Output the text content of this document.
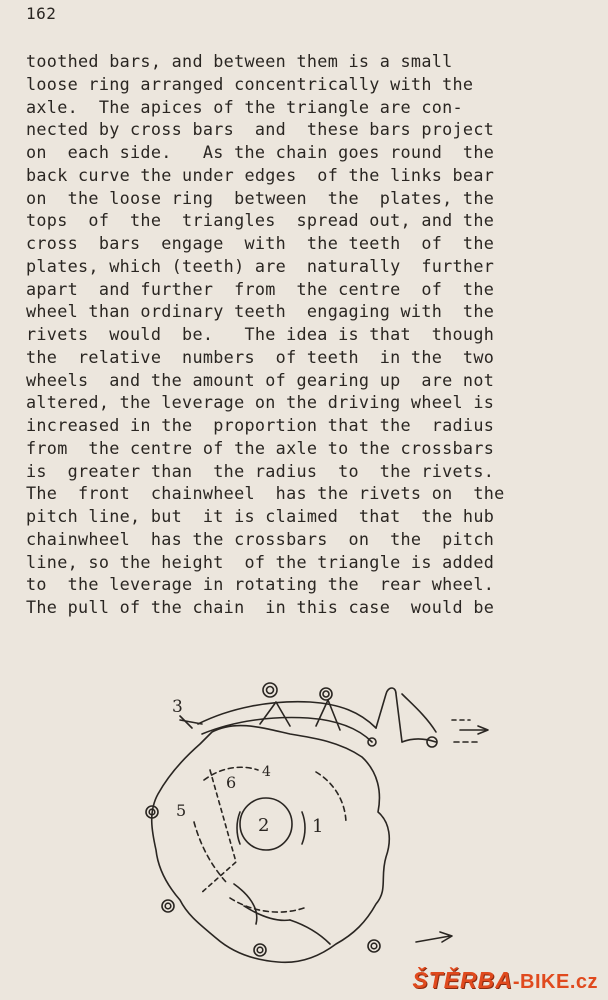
162
toothed bars, and between them is a small
loose ring arranged concentrically with the
axle.  The apices of the triangle are con-
nected by cross bars  and  these bars project
on  each side.   As the chain goes round  the
back curve the under edges  of the links bear
on  the loose ring  between  the  plates, the
tops  of  the  triangles  spread out, and the
cross  bars  engage  with  the teeth  of  the
plates, which (teeth) are  naturally  further
apart  and further  from  the centre  of  the
wheel than ordinary teeth  engaging with  the
rivets  would  be.   The idea is that  though
the  relative  numbers  of teeth  in the  two
wheels  and the amount of gearing up  are not
altered, the leverage on the driving wheel is
increased in the  proportion that the  radius
from  the centre of the axle to the crossbars
is  greater than  the radius  to  the rivets.
The  front  chainwheel  has the rivets on  the
pitch line, but  it is claimed  that  the hub
chainwheel  has the crossbars  on  the  pitch
line, so the height  of the triangle is added
to  the leverage in rotating the  rear wheel.
The pull of the chain  in this case  would be
3
4
6
5
2 1
ŠTĚRBA-BIKE.cz
